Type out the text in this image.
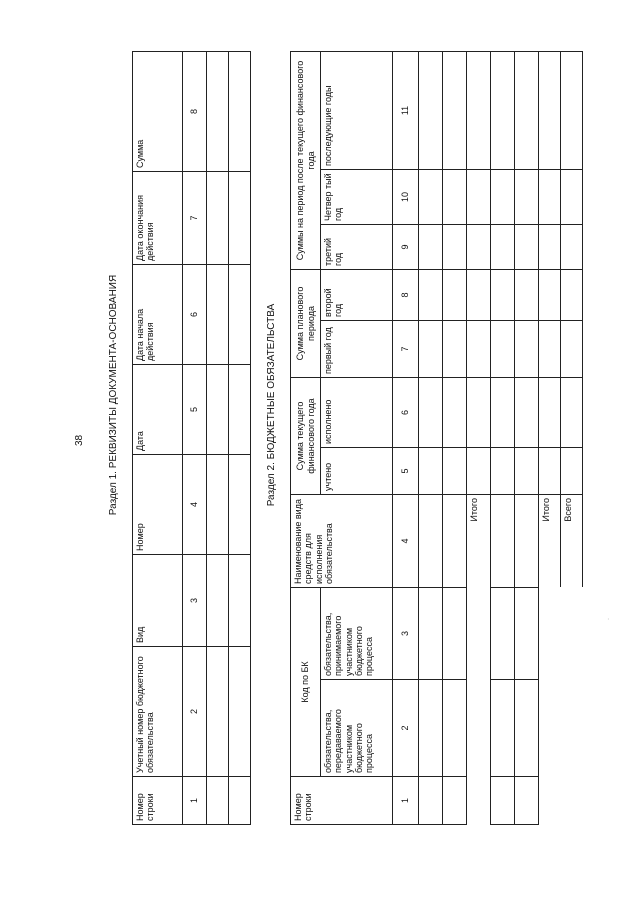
38 Раздел 1. РЕКВИЗИТЫ ДОКУМЕНТА-ОСНОВАНИЯ
Номер строки	Учетный номер бюджетного обязательства	Вид	Номер	Дата	Дата начала действия	Дата окончания действия	Сумма
1	2	3	4	5	6	7	8

Раздел 2. БЮДЖЕТНЫЕ ОБЯЗАТЕЛЬСТВА
Номер строки	Код по БК		Наименование вида средств для исполнения обязательства	Сумма текущего финансового года		Сумма планового периода		Суммы на период после текущего финансового года		
	обязательства, передаваемого участником бюджетного процесса	обязательства, принимаемого участником бюджетного процесса		учтено	исполнено	первый год	второй год	третий год	Четвер тый год	последующие годы
1	2	3	4	5	6	7	8	9	10	11

			Итого							

			Итого							
			Всего							
·
